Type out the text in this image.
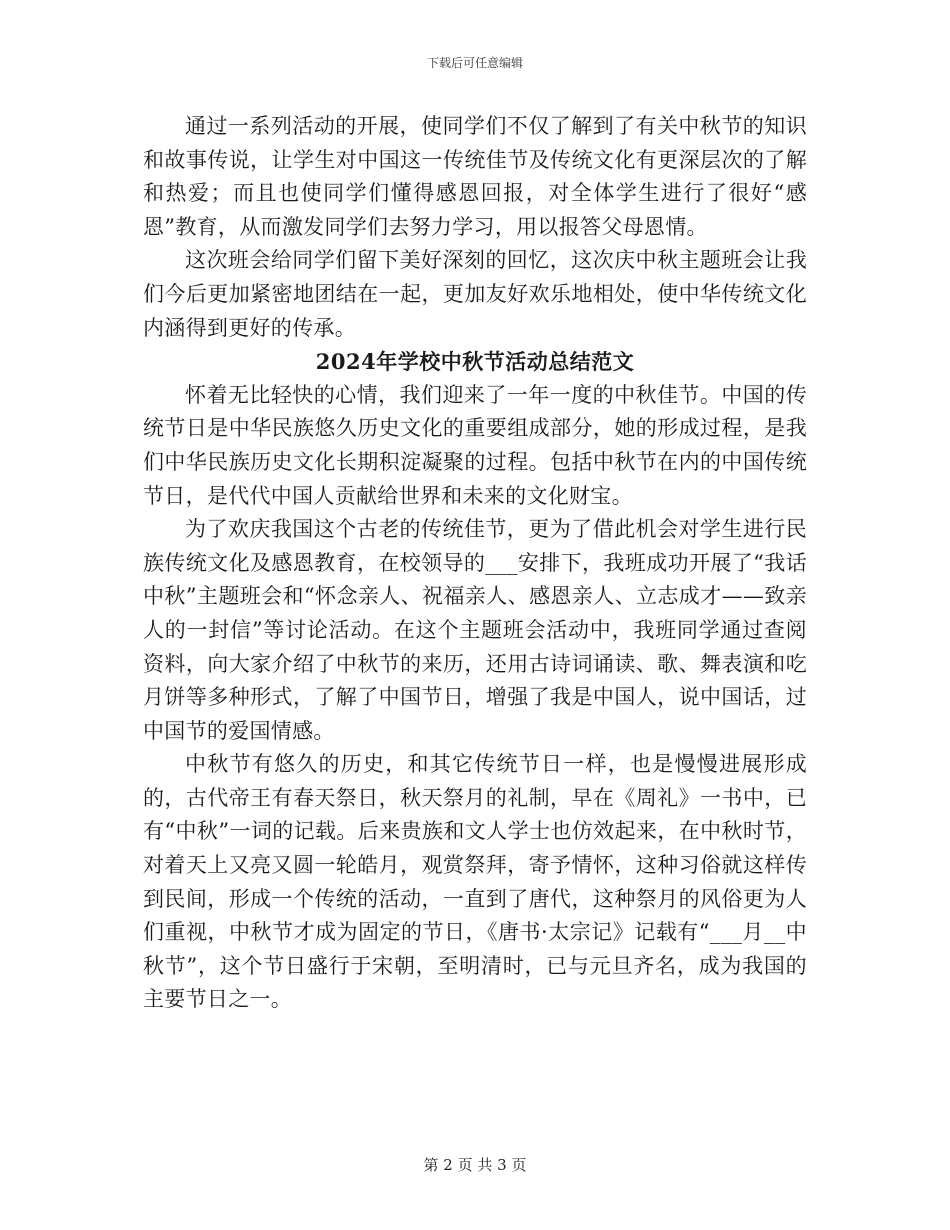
下载后可任意编辑

通过一系列活动的开展，使同学们不仅了解到了有关中秋节的知识和故事传说，让学生对中国这一传统佳节及传统文化有更深层次的了解和热爱；而且也使同学们懂得感恩回报，对全体学生进行了很好“感恩”教育，从而激发同学们去努力学习，用以报答父母恩情。

这次班会给同学们留下美好深刻的回忆，这次庆中秋主题班会让我们今后更加紧密地团结在一起，更加友好欢乐地相处，使中华传统文化内涵得到更好的传承。

2024年学校中秋节活动总结范文

怀着无比轻快的心情，我们迎来了一年一度的中秋佳节。中国的传统节日是中华民族悠久历史文化的重要组成部分，她的形成过程，是我们中华民族历史文化长期积淀凝聚的过程。包括中秋节在内的中国传统节日，是代代中国人贡献给世界和未来的文化财宝。

为了欢庆我国这个古老的传统佳节，更为了借此机会对学生进行民族传统文化及感恩教育，在校领导的___安排下，我班成功开展了“我话中秋”主题班会和“怀念亲人、祝福亲人、感恩亲人、立志成才——致亲人的一封信”等讨论活动。在这个主题班会活动中，我班同学通过查阅资料，向大家介绍了中秋节的来历，还用古诗词诵读、歌、舞表演和吃月饼等多种形式，了解了中国节日，增强了我是中国人，说中国话，过中国节的爱国情感。

中秋节有悠久的历史，和其它传统节日一样，也是慢慢进展形成的，古代帝王有春天祭日，秋天祭月的礼制，早在《周礼》一书中，已有“中秋”一词的记载。后来贵族和文人学士也仿效起来，在中秋时节，对着天上又亮又圆一轮皓月，观赏祭拜，寄予情怀，这种习俗就这样传到民间，形成一个传统的活动，一直到了唐代，这种祭月的风俗更为人们重视，中秋节才成为固定的节日，《唐书·太宗记》记载有“___月__中秋节”，这个节日盛行于宋朝，至明清时，已与元旦齐名，成为我国的主要节日之一。

第 2 页 共 3 页
